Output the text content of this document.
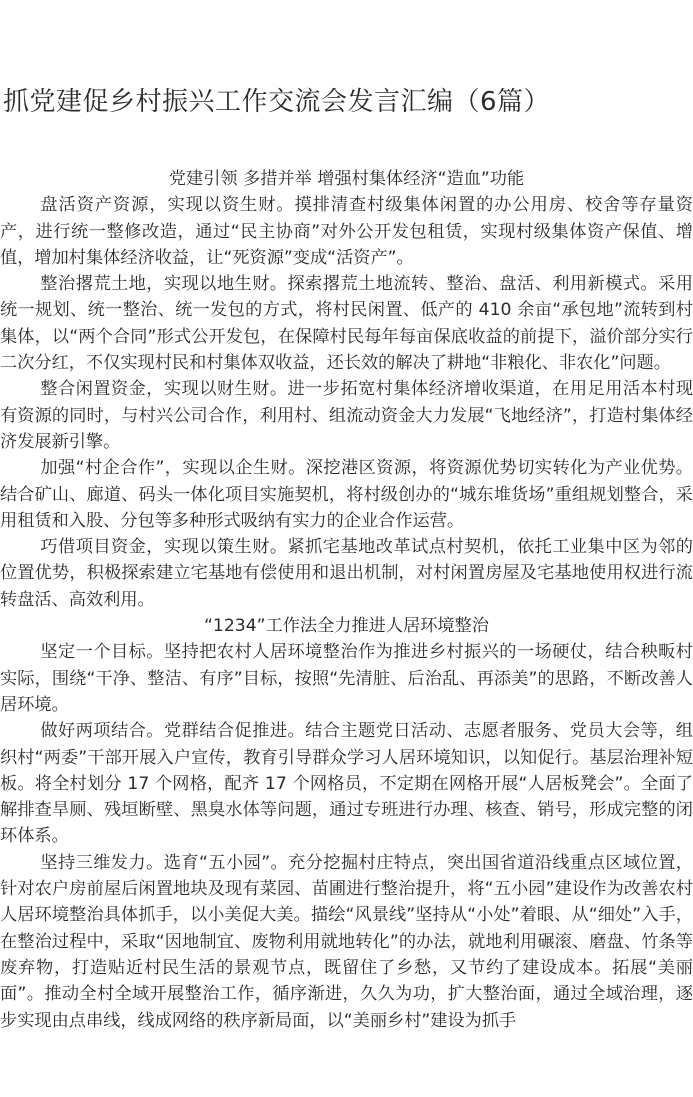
抓党建促乡村振兴工作交流会发言汇编（6篇）
党建引领 多措并举 增强村集体经济“造血”功能

盘活资产资源，实现以资生财。摸排清查村级集体闲置的办公用房、校舍等存量资产，进行统一整修改造，通过“民主协商”对外公开发包租赁，实现村级集体资产保值、增值，增加村集体经济收益，让“死资源”变成“活资产”。

整治撂荒土地，实现以地生财。探索撂荒土地流转、整治、盘活、利用新模式。采用统一规划、统一整治、统一发包的方式，将村民闲置、低产的 410 余亩“承包地”流转到村集体，以“两个合同”形式公开发包，在保障村民每年每亩保底收益的前提下，溢价部分实行二次分红，不仅实现村民和村集体双收益，还长效的解决了耕地“非粮化、非农化”问题。

整合闲置资金，实现以财生财。进一步拓宽村集体经济增收渠道，在用足用活本村现有资源的同时，与村兴公司合作，利用村、组流动资金大力发展“飞地经济”，打造村集体经济发展新引擎。

加强“村企合作”，实现以企生财。深挖港区资源，将资源优势切实转化为产业优势。结合矿山、廊道、码头一体化项目实施契机，将村级创办的“城东堆货场”重组规划整合，采用租赁和入股、分包等多种形式吸纳有实力的企业合作运营。

巧借项目资金，实现以策生财。紧抓宅基地改革试点村契机，依托工业集中区为邻的位置优势，积极探索建立宅基地有偿使用和退出机制，对村闲置房屋及宅基地使用权进行流转盘活、高效利用。

“1234”工作法全力推进人居环境整治

坚定一个目标。坚持把农村人居环境整治作为推进乡村振兴的一场硬仗，结合秧畈村实际，围绕“干净、整洁、有序”目标，按照“先清脏、后治乱、再添美”的思路，不断改善人居环境。

做好两项结合。党群结合促推进。结合主题党日活动、志愿者服务、党员大会等，组织村“两委”干部开展入户宣传，教育引导群众学习人居环境知识，以知促行。基层治理补短板。将全村划分 17 个网格，配齐 17 个网格员，不定期在网格开展“人居板凳会”。全面了解排查旱厕、残垣断壁、黑臭水体等问题，通过专班进行办理、核查、销号，形成完整的闭环体系。

坚持三维发力。选育“五小园”。充分挖掘村庄特点，突出国省道沿线重点区域位置，针对农户房前屋后闲置地块及现有菜园、苗圃进行整治提升，将“五小园”建设作为改善农村人居环境整治具体抓手，以小美促大美。描绘“风景线”坚持从“小处”着眼、从“细处”入手，在整治过程中，采取“因地制宜、废物利用就地转化”的办法，就地利用碾滚、磨盘、竹条等废弃物，打造贴近村民生活的景观节点，既留住了乡愁，又节约了建设成本。拓展“美丽面”。推动全村全域开展整治工作，循序渐进，久久为功，扩大整治面，通过全域治理，逐步实现由点串线，线成网络的秩序新局面，以“美丽乡村”建设为抓手
